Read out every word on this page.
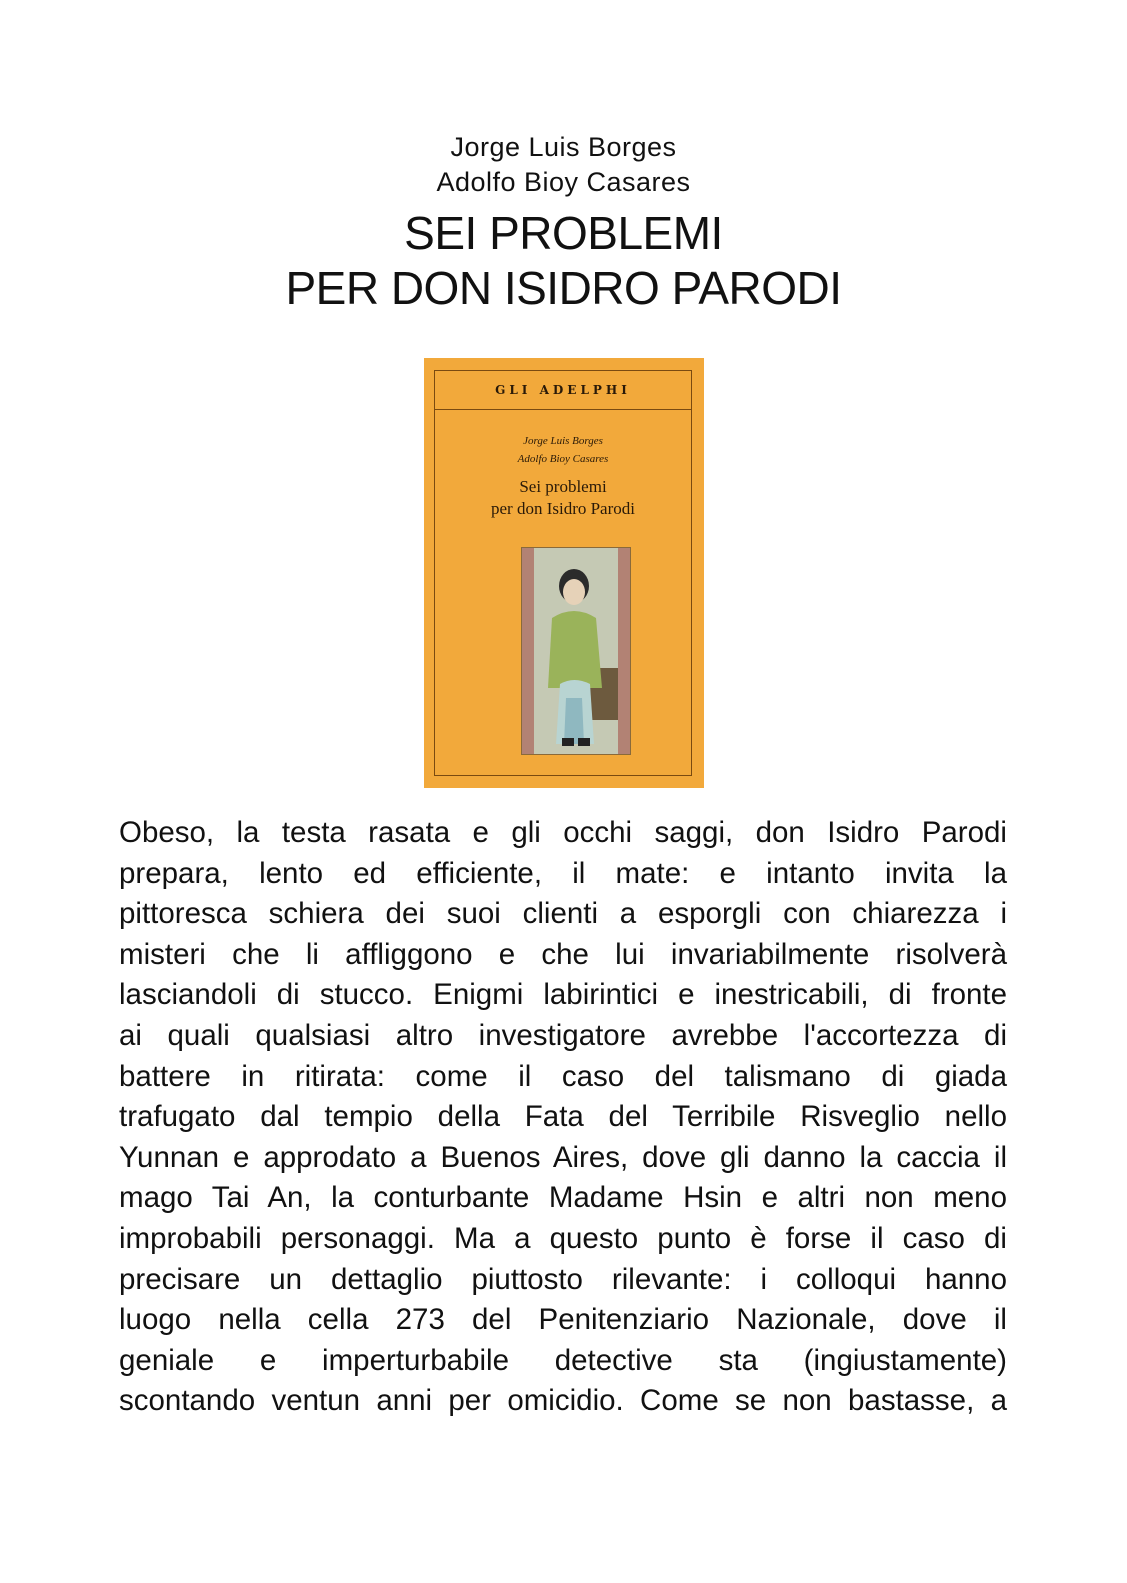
Jorge Luis Borges
Adolfo Bioy Casares
SEI PROBLEMI
PER DON ISIDRO PARODI
GLI ADELPHI
Jorge Luis Borges
Adolfo Bioy Casares
Sei problemi
per don Isidro Parodi
Obeso, la testa rasata e gli occhi saggi, don Isidro Parodi
prepara, lento ed efficiente, il mate: e intanto invita la
pittoresca schiera dei suoi clienti a esporgli con chiarezza i
misteri che li affliggono e che lui invariabilmente risolverà
lasciandoli di stucco. Enigmi labirintici e inestricabili, di fronte
ai quali qualsiasi altro investigatore avrebbe l'accortezza di
battere in ritirata: come il caso del talismano di giada
trafugato dal tempio della Fata del Terribile Risveglio nello
Yunnan e approdato a Buenos Aires, dove gli danno la caccia il
mago Tai An, la conturbante Madame Hsin e altri non meno
improbabili personaggi. Ma a questo punto è forse il caso di
precisare un dettaglio piuttosto rilevante: i colloqui hanno
luogo nella cella 273 del Penitenziario Nazionale, dove il
geniale e imperturbabile detective sta (ingiustamente)
scontando ventun anni per omicidio. Come se non bastasse, a
